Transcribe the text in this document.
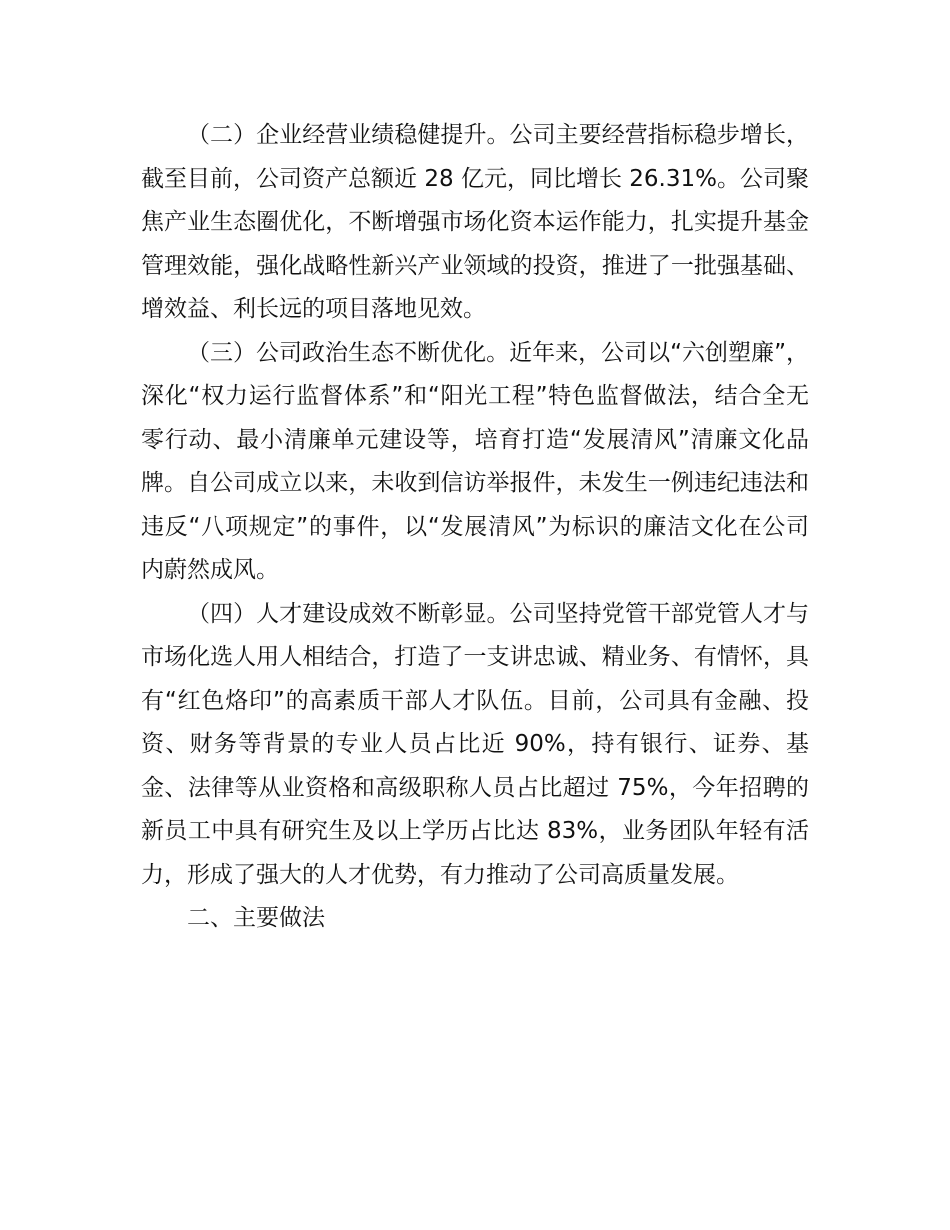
（二）企业经营业绩稳健提升。公司主要经营指标稳步增长，截至目前，公司资产总额近 28 亿元，同比增长 26.31%。公司聚焦产业生态圈优化，不断增强市场化资本运作能力，扎实提升基金管理效能，强化战略性新兴产业领域的投资，推进了一批强基础、增效益、利长远的项目落地见效。

（三）公司政治生态不断优化。近年来，公司以“六创塑廉”，深化“权力运行监督体系”和“阳光工程”特色监督做法，结合全无零行动、最小清廉单元建设等，培育打造“发展清风”清廉文化品牌。自公司成立以来，未收到信访举报件，未发生一例违纪违法和违反“八项规定”的事件，以“发展清风”为标识的廉洁文化在公司内蔚然成风。

（四）人才建设成效不断彰显。公司坚持党管干部党管人才与市场化选人用人相结合，打造了一支讲忠诚、精业务、有情怀，具有“红色烙印”的高素质干部人才队伍。目前，公司具有金融、投资、财务等背景的专业人员占比近 90%，持有银行、证券、基金、法律等从业资格和高级职称人员占比超过 75%，今年招聘的新员工中具有研究生及以上学历占比达 83%，业务团队年轻有活力，形成了强大的人才优势，有力推动了公司高质量发展。

二、主要做法
